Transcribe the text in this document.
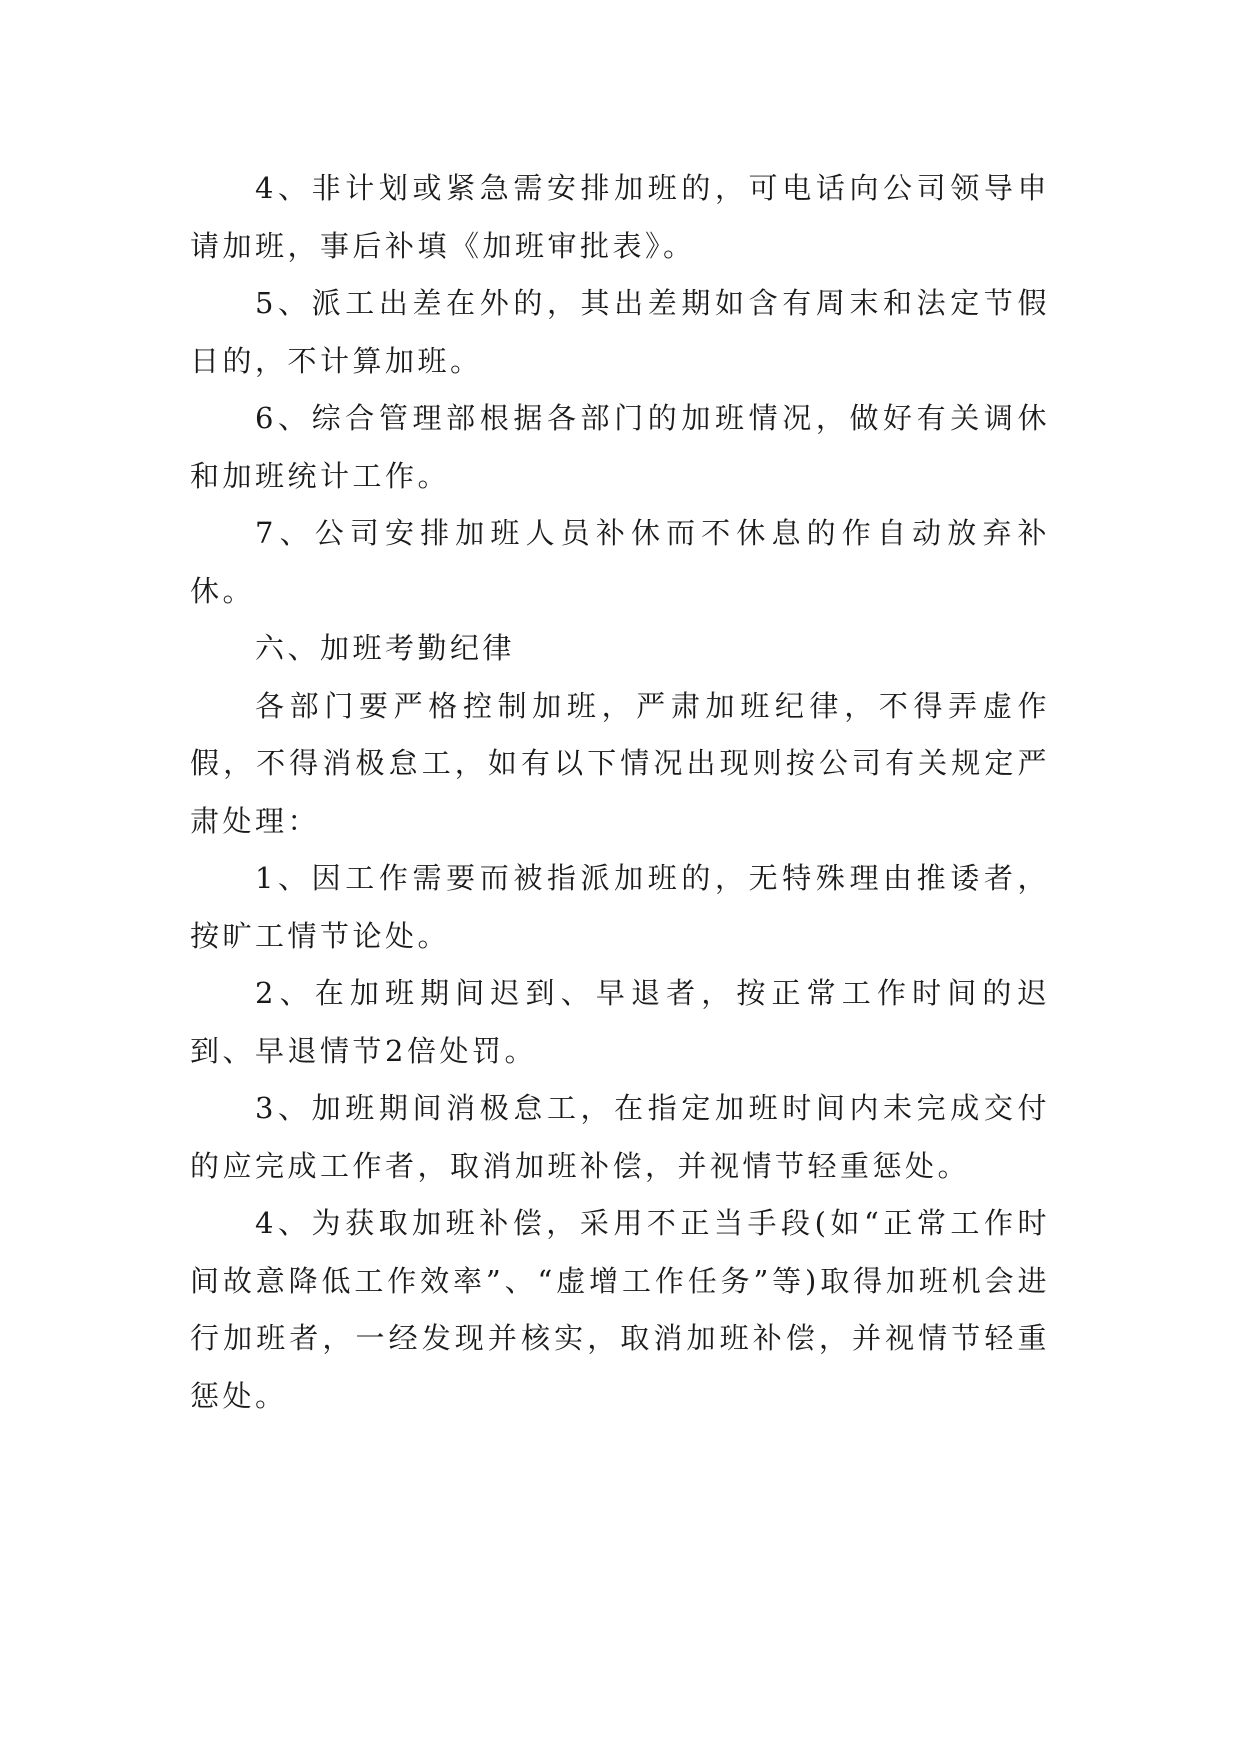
4、非计划或紧急需安排加班的，可电话向公司领导申请加班，事后补填《加班审批表》。

5、派工出差在外的，其出差期如含有周末和法定节假日的，不计算加班。

6、综合管理部根据各部门的加班情况，做好有关调休和加班统计工作。

7、公司安排加班人员补休而不休息的作自动放弃补休。

六、加班考勤纪律

各部门要严格控制加班，严肃加班纪律，不得弄虚作假，不得消极怠工，如有以下情况出现则按公司有关规定严肃处理：

1、因工作需要而被指派加班的，无特殊理由推诿者，按旷工情节论处。

2、在加班期间迟到、早退者，按正常工作时间的迟到、早退情节2倍处罚。

3、加班期间消极怠工，在指定加班时间内未完成交付的应完成工作者，取消加班补偿，并视情节轻重惩处。

4、为获取加班补偿，采用不正当手段(如“正常工作时间故意降低工作效率”、“虚增工作任务”等)取得加班机会进行加班者，一经发现并核实，取消加班补偿，并视情节轻重惩处。
